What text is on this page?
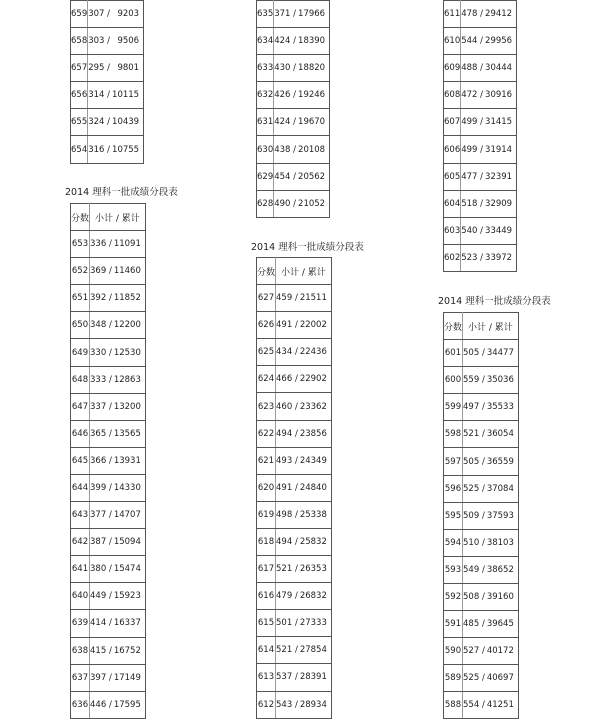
659	307 /	9203
658	303 /	9506
657	295 /	9801
656	314 /	10115
655	324 /	10439
654	316 /	10755
2014 理科一批成绩分段表
分数	小计 / 累计	
653	336 /	11091
652	369 /	11460
651	392 /	11852
650	348 /	12200
649	330 /	12530
648	333 /	12863
647	337 /	13200
646	365 /	13565
645	366 /	13931
644	399 /	14330
643	377 /	14707
642	387 /	15094
641	380 /	15474
640	449 /	15923
639	414 /	16337
638	415 /	16752
637	397 /	17149
636	446 /	17595
635	371 /	17966
634	424 /	18390
633	430 /	18820
632	426 /	19246
631	424 /	19670
630	438 /	20108
629	454 /	20562
628	490 /	21052
2014 理科一批成绩分段表
分数	小计 / 累计	
627	459 /	21511
626	491 /	22002
625	434 /	22436
624	466 /	22902
623	460 /	23362
622	494 /	23856
621	493 /	24349
620	491 /	24840
619	498 /	25338
618	494 /	25832
617	521 /	26353
616	479 /	26832
615	501 /	27333
614	521 /	27854
613	537 /	28391
612	543 /	28934
611	478 /	29412
610	544 /	29956
609	488 /	30444
608	472 /	30916
607	499 /	31415
606	499 /	31914
605	477 /	32391
604	518 /	32909
603	540 /	33449
602	523 /	33972
2014 理科一批成绩分段表
分数	小计 / 累计	
601	505 /	34477
600	559 /	35036
599	497 /	35533
598	521 /	36054
597	505 /	36559
596	525 /	37084
595	509 /	37593
594	510 /	38103
593	549 /	38652
592	508 /	39160
591	485 /	39645
590	527 /	40172
589	525 /	40697
588	554 /	41251
